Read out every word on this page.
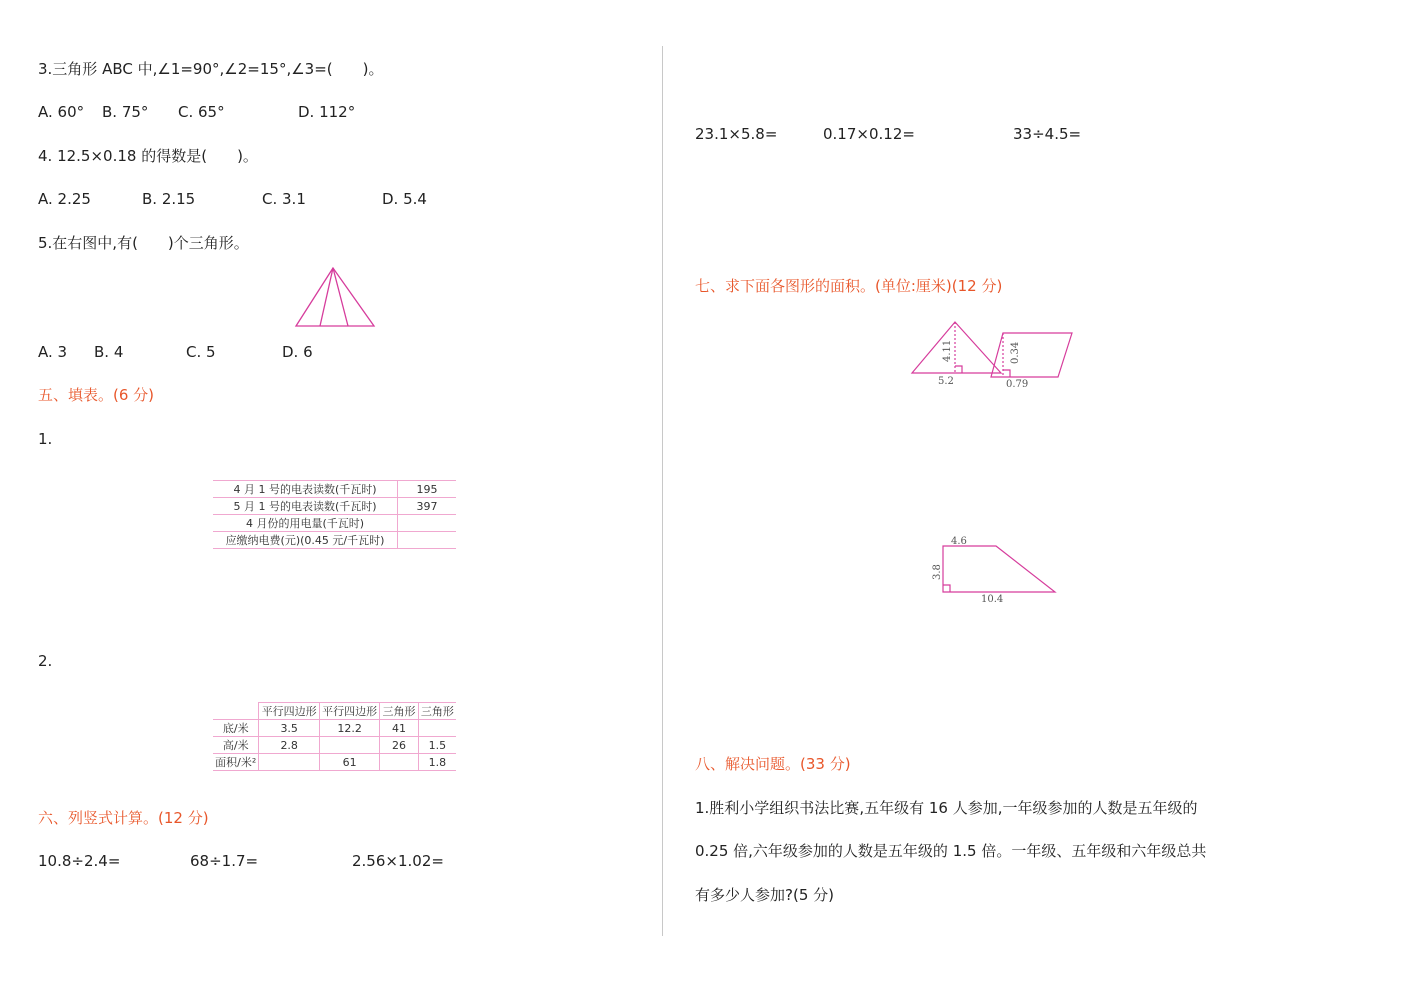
3.三角形 ABC 中,∠1=90°,∠2=15°,∠3=(　　)。
A. 60° B. 75° C. 65°	D. 112°
4. 12.5×0.18 的得数是(　　)。
A. 2.25	B. 2.15	C. 3.1	D. 5.4
5.在右图中,有(　　)个三角形。
A. 3 B. 4	C. 5	D. 6
五、填表。(6 分)
1.
4 月 1 号的电表读数(千瓦时)	195
5 月 1 号的电表读数(千瓦时)	397
4 月份的用电量(千瓦时)	
应缴纳电费(元)(0.45 元/千瓦时)	
2.
	平行四边形	平行四边形	三角形	三角形
底/米	3.5	12.2	41	
高/米	2.8		26	1.5
面积/米²		61		1.8
六、列竖式计算。(12 分)
10.8÷2.4=	68÷1.7=	2.56×1.02=
23.1×5.8=	0.17×0.12=	33÷4.5=
七、求下面各图形的面积。(单位:厘米)(12 分)
4.11
5.2
0.34
0.79
4.6
3.8
10.4
八、解决问题。(33 分)
1.胜利小学组织书法比赛,五年级有 16 人参加,一年级参加的人数是五年级的
0.25 倍,六年级参加的人数是五年级的 1.5 倍。一年级、五年级和六年级总共
有多少人参加?(5 分)
